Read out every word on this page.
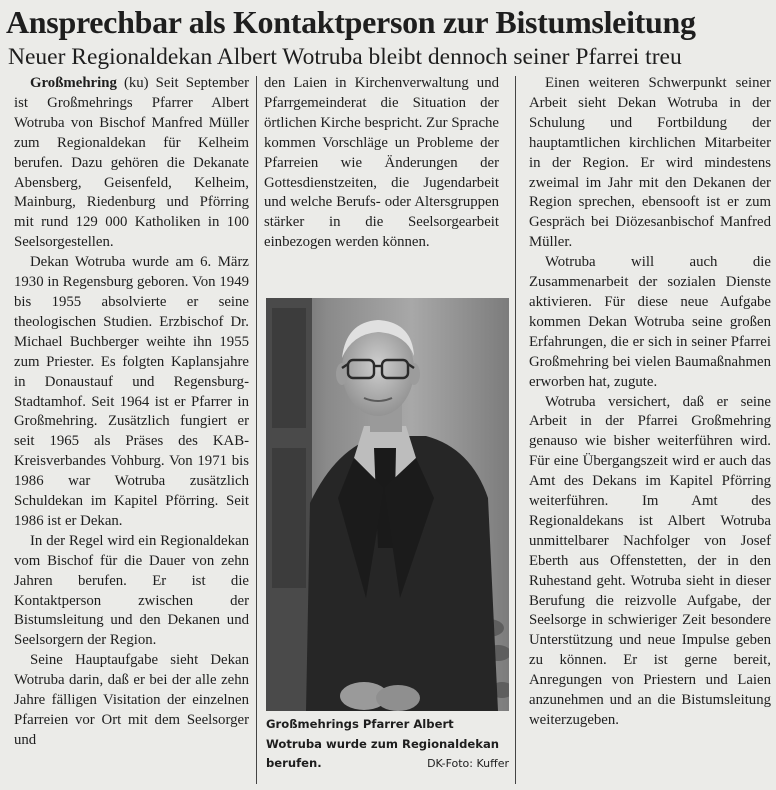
Ansprechbar als Kontaktperson zur Bistumsleitung
Neuer Regionaldekan Albert Wotruba bleibt dennoch seiner Pfarrei treu

Großmehring (ku) Seit September ist Großmehrings Pfarrer Albert Wotruba von Bischof Manfred Müller zum Regionaldekan für Kelheim berufen. Dazu gehören die Dekanate Abensberg, Geisenfeld, Kelheim, Mainburg, Riedenburg und Pförring mit rund 129 000 Katholiken in 100 Seelsorgestellen.

Dekan Wotruba wurde am 6. März 1930 in Regensburg geboren. Von 1949 bis 1955 absolvierte er seine theologischen Studien. Erzbischof Dr. Michael Buchberger weihte ihn 1955 zum Priester. Es folgten Kaplansjahre in Donaustauf und Regensburg-Stadtamhof. Seit 1964 ist er Pfarrer in Großmehring. Zusätzlich fungiert er seit 1965 als Präses des KAB-Kreisverbandes Vohburg. Von 1971 bis 1986 war Wotruba zusätzlich Schuldekan im Kapitel Pförring. Seit 1986 ist er Dekan.

In der Regel wird ein Regionaldekan vom Bischof für die Dauer von zehn Jahren berufen. Er ist die Kontaktperson zwischen der Bistumsleitung und den Dekanen und Seelsorgern der Region.

Seine Hauptaufgabe sieht Dekan Wotruba darin, daß er bei der alle zehn Jahre fälligen Visitation der einzelnen Pfarreien vor Ort mit dem Seelsorger und

den Laien in Kirchenverwaltung und Pfarrgemeinderat die Situation der örtlichen Kirche bespricht. Zur Sprache kommen Vorschläge un Probleme der Pfarreien wie Änderungen der Gottesdienstzeiten, die Jugendarbeit und welche Berufs- oder Altersgruppen stärker in die Seelsorgearbeit einbezogen werden können.

Großmehrings Pfarrer Albert Wotruba wurde zum Regionaldekan berufen.	DK-Foto: Kuffer

Einen weiteren Schwerpunkt seiner Arbeit sieht Dekan Wotruba in der Schulung und Fortbildung der hauptamtlichen kirchlichen Mitarbeiter in der Region. Er wird mindestens zweimal im Jahr mit den Dekanen der Region sprechen, ebensooft ist er zum Gespräch bei Diözesanbischof Manfred Müller.

Wotruba will auch die Zusammenarbeit der sozialen Dienste aktivieren. Für diese neue Aufgabe kommen Dekan Wotruba seine großen Erfahrungen, die er sich in seiner Pfarrei Großmehring bei vielen Baumaßnahmen erworben hat, zugute.

Wotruba versichert, daß er seine Arbeit in der Pfarrei Großmehring genauso wie bisher weiterführen wird. Für eine Übergangszeit wird er auch das Amt des Dekans im Kapitel Pförring weiterführen. Im Amt des Regionaldekans ist Albert Wotruba unmittelbarer Nachfolger von Josef Eberth aus Offenstetten, der in den Ruhestand geht. Wotruba sieht in dieser Berufung die reizvolle Aufgabe, der Seelsorge in schwieriger Zeit besondere Unterstützung und neue Impulse geben zu können. Er ist gerne bereit, Anregungen von Priestern und Laien anzunehmen und an die Bistumsleitung weiterzugeben.
